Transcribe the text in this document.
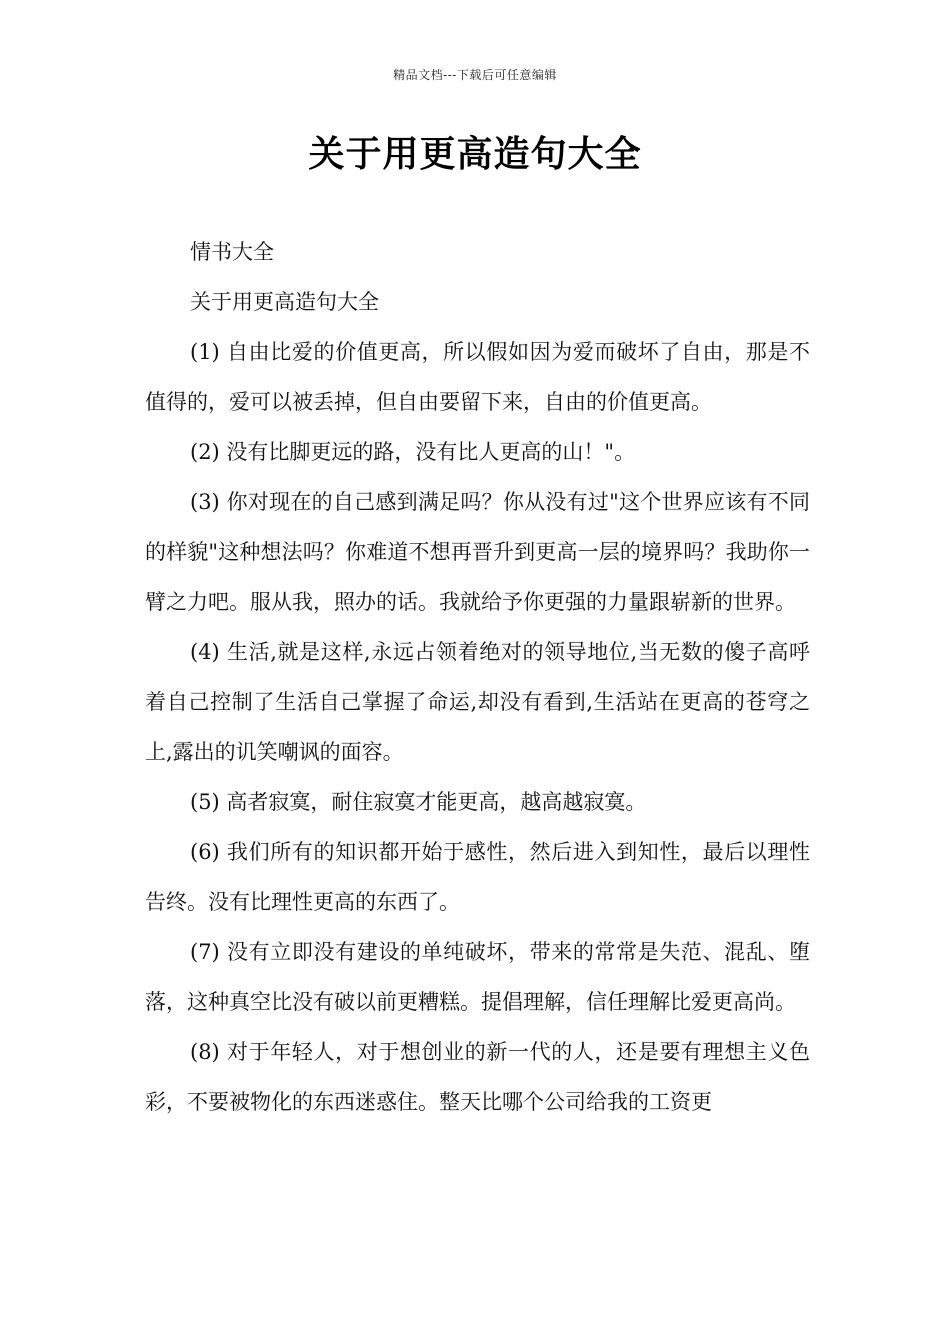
精品文档---下载后可任意编辑
关于用更高造句大全

情书大全

关于用更高造句大全

(1) 自由比爱的价值更高，所以假如因为爱而破坏了自由，那是不值得的，爱可以被丢掉，但自由要留下来，自由的价值更高。

(2) 没有比脚更远的路，没有比人更高的山！"。

(3) 你对现在的自己感到满足吗？你从没有过"这个世界应该有不同的样貌"这种想法吗？你难道不想再晋升到更高一层的境界吗？我助你一臂之力吧。服从我，照办的话。我就给予你更强的力量跟崭新的世界。

(4) 生活,就是这样,永远占领着绝对的领导地位,当无数的傻子高呼着自己控制了生活自己掌握了命运,却没有看到,生活站在更高的苍穹之上,露出的讥笑嘲讽的面容。

(5) 高者寂寞，耐住寂寞才能更高，越高越寂寞。

(6) 我们所有的知识都开始于感性，然后进入到知性，最后以理性告终。没有比理性更高的东西了。

(7) 没有立即没有建设的单纯破坏，带来的常常是失范、混乱、堕落，这种真空比没有破以前更糟糕。提倡理解，信任理解比爱更高尚。

(8) 对于年轻人，对于想创业的新一代的人，还是要有理想主义色彩，不要被物化的东西迷惑住。整天比哪个公司给我的工资更
